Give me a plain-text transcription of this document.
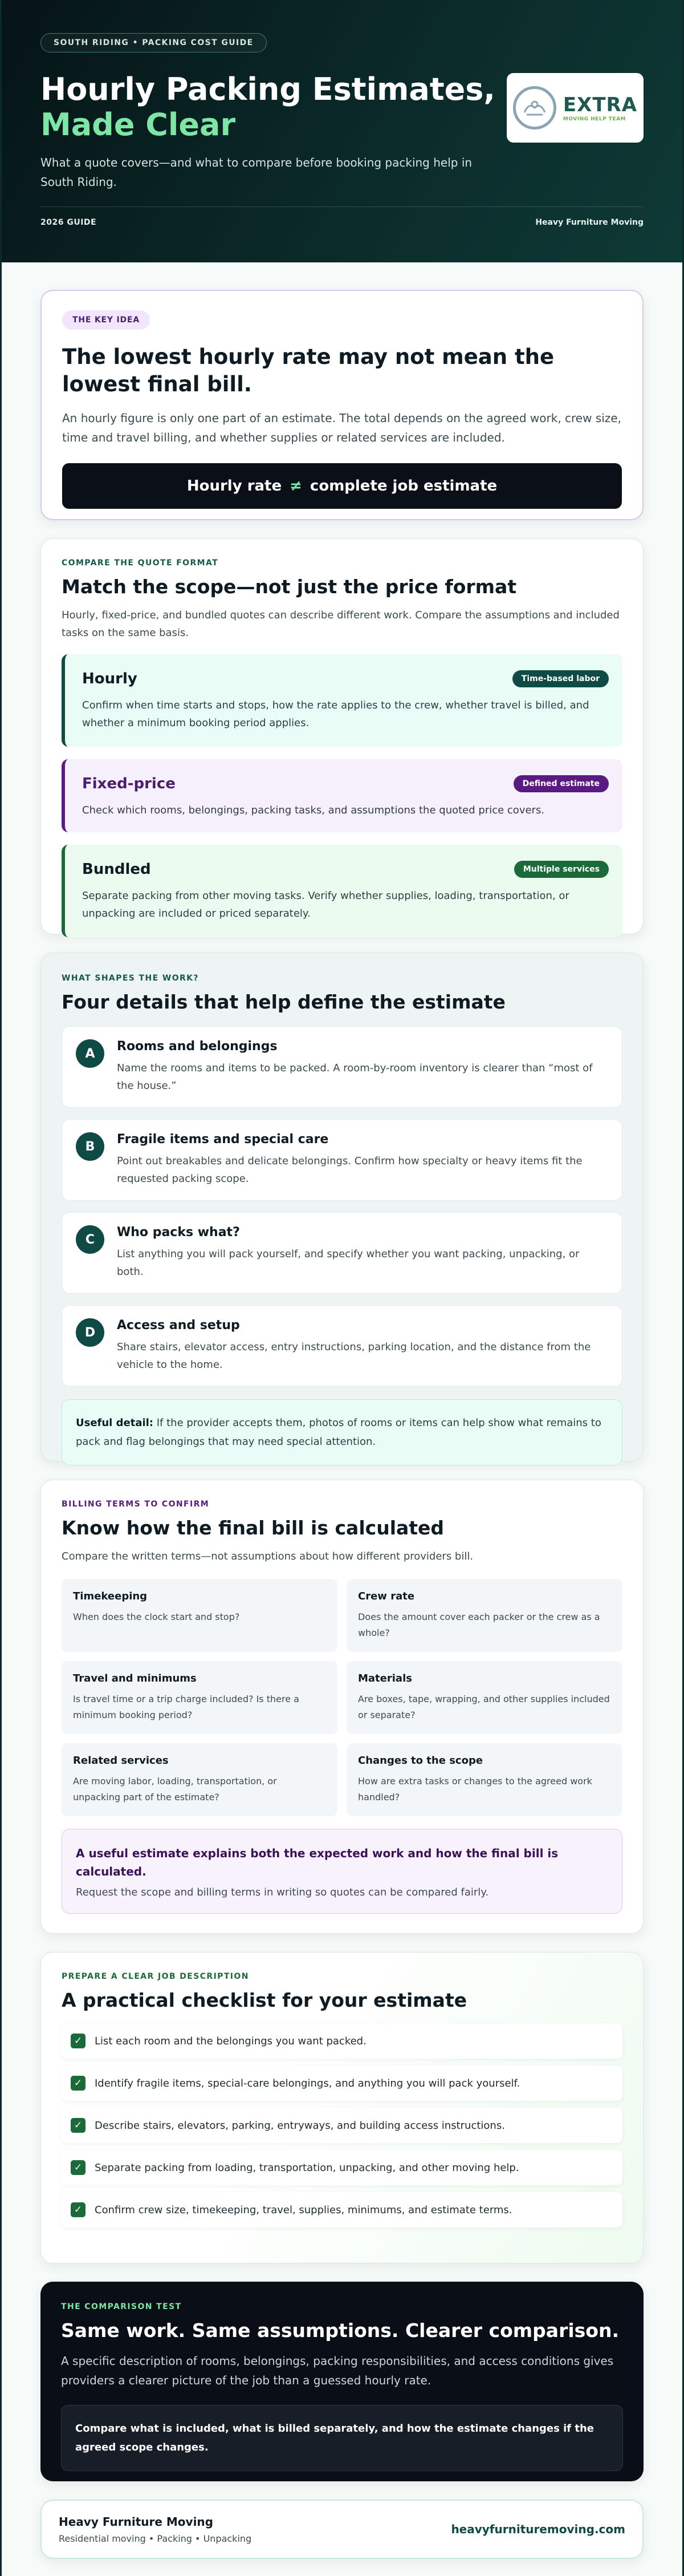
SOUTH RIDING • PACKING COST GUIDE
Hourly Packing Estimates,
Made Clear

What a quote covers—and what to compare before booking packing help in South Riding.

EXTRA
MOVING HELP TEAM
2026 GUIDE	Heavy Furniture Moving
THE KEY IDEA
The lowest hourly rate may not mean the lowest final bill.

An hourly figure is only one part of an estimate. The total depends on the agreed work, crew size, time and travel billing, and whether supplies or related services are included.

Hourly rate ≠ complete job estimate
COMPARE THE QUOTE FORMAT
Match the scope—not just the price format

Hourly, fixed-price, and bundled quotes can describe different work. Compare the assumptions and included tasks on the same basis.

Hourly	Time-based labor
Confirm when time starts and stops, how the rate applies to the crew, whether travel is billed, and whether a minimum booking period applies.
Fixed-price	Defined estimate
Check which rooms, belongings, packing tasks, and assumptions the quoted price covers.
Bundled	Multiple services
Separate packing from other moving tasks. Verify whether supplies, loading, transportation, or unpacking are included or priced separately.
WHAT SHAPES THE WORK?
Four details that help define the estimate
A	Rooms and belongings
Name the rooms and items to be packed. A room-by-room inventory is clearer than “most of the house.”
B	Fragile items and special care
Point out breakables and delicate belongings. Confirm how specialty or heavy items fit the requested packing scope.
C	Who packs what?
List anything you will pack yourself, and specify whether you want packing, unpacking, or both.
D	Access and setup
Share stairs, elevator access, entry instructions, parking location, and the distance from the vehicle to the home.
Useful detail: If the provider accepts them, photos of rooms or items can help show what remains to pack and flag belongings that may need special attention.
BILLING TERMS TO CONFIRM
Know how the final bill is calculated

Compare the written terms—not assumptions about how different providers bill.

Timekeeping
When does the clock start and stop?
Crew rate
Does the amount cover each packer or the crew as a whole?
Travel and minimums
Is travel time or a trip charge included? Is there a minimum booking period?
Materials
Are boxes, tape, wrapping, and other supplies included or separate?
Related services
Are moving labor, loading, transportation, or unpacking part of the estimate?
Changes to the scope
How are extra tasks or changes to the agreed work handled?
A useful estimate explains both the expected work and how the final bill is calculated.
Request the scope and billing terms in writing so quotes can be compared fairly.
PREPARE A CLEAR JOB DESCRIPTION
A practical checklist for your estimate
✓	List each room and the belongings you want packed.
✓	Identify fragile items, special-care belongings, and anything you will pack yourself.
✓	Describe stairs, elevators, parking, entryways, and building access instructions.
✓	Separate packing from loading, transportation, unpacking, and other moving help.
✓	Confirm crew size, timekeeping, travel, supplies, minimums, and estimate terms.
THE COMPARISON TEST
Same work. Same assumptions. Clearer comparison.

A specific description of rooms, belongings, packing responsibilities, and access conditions gives providers a clearer picture of the job than a guessed hourly rate.

Compare what is included, what is billed separately, and how the estimate changes if the agreed scope changes.
Heavy Furniture Moving
Residential moving • Packing • Unpacking
heavyfurnituremoving.com
